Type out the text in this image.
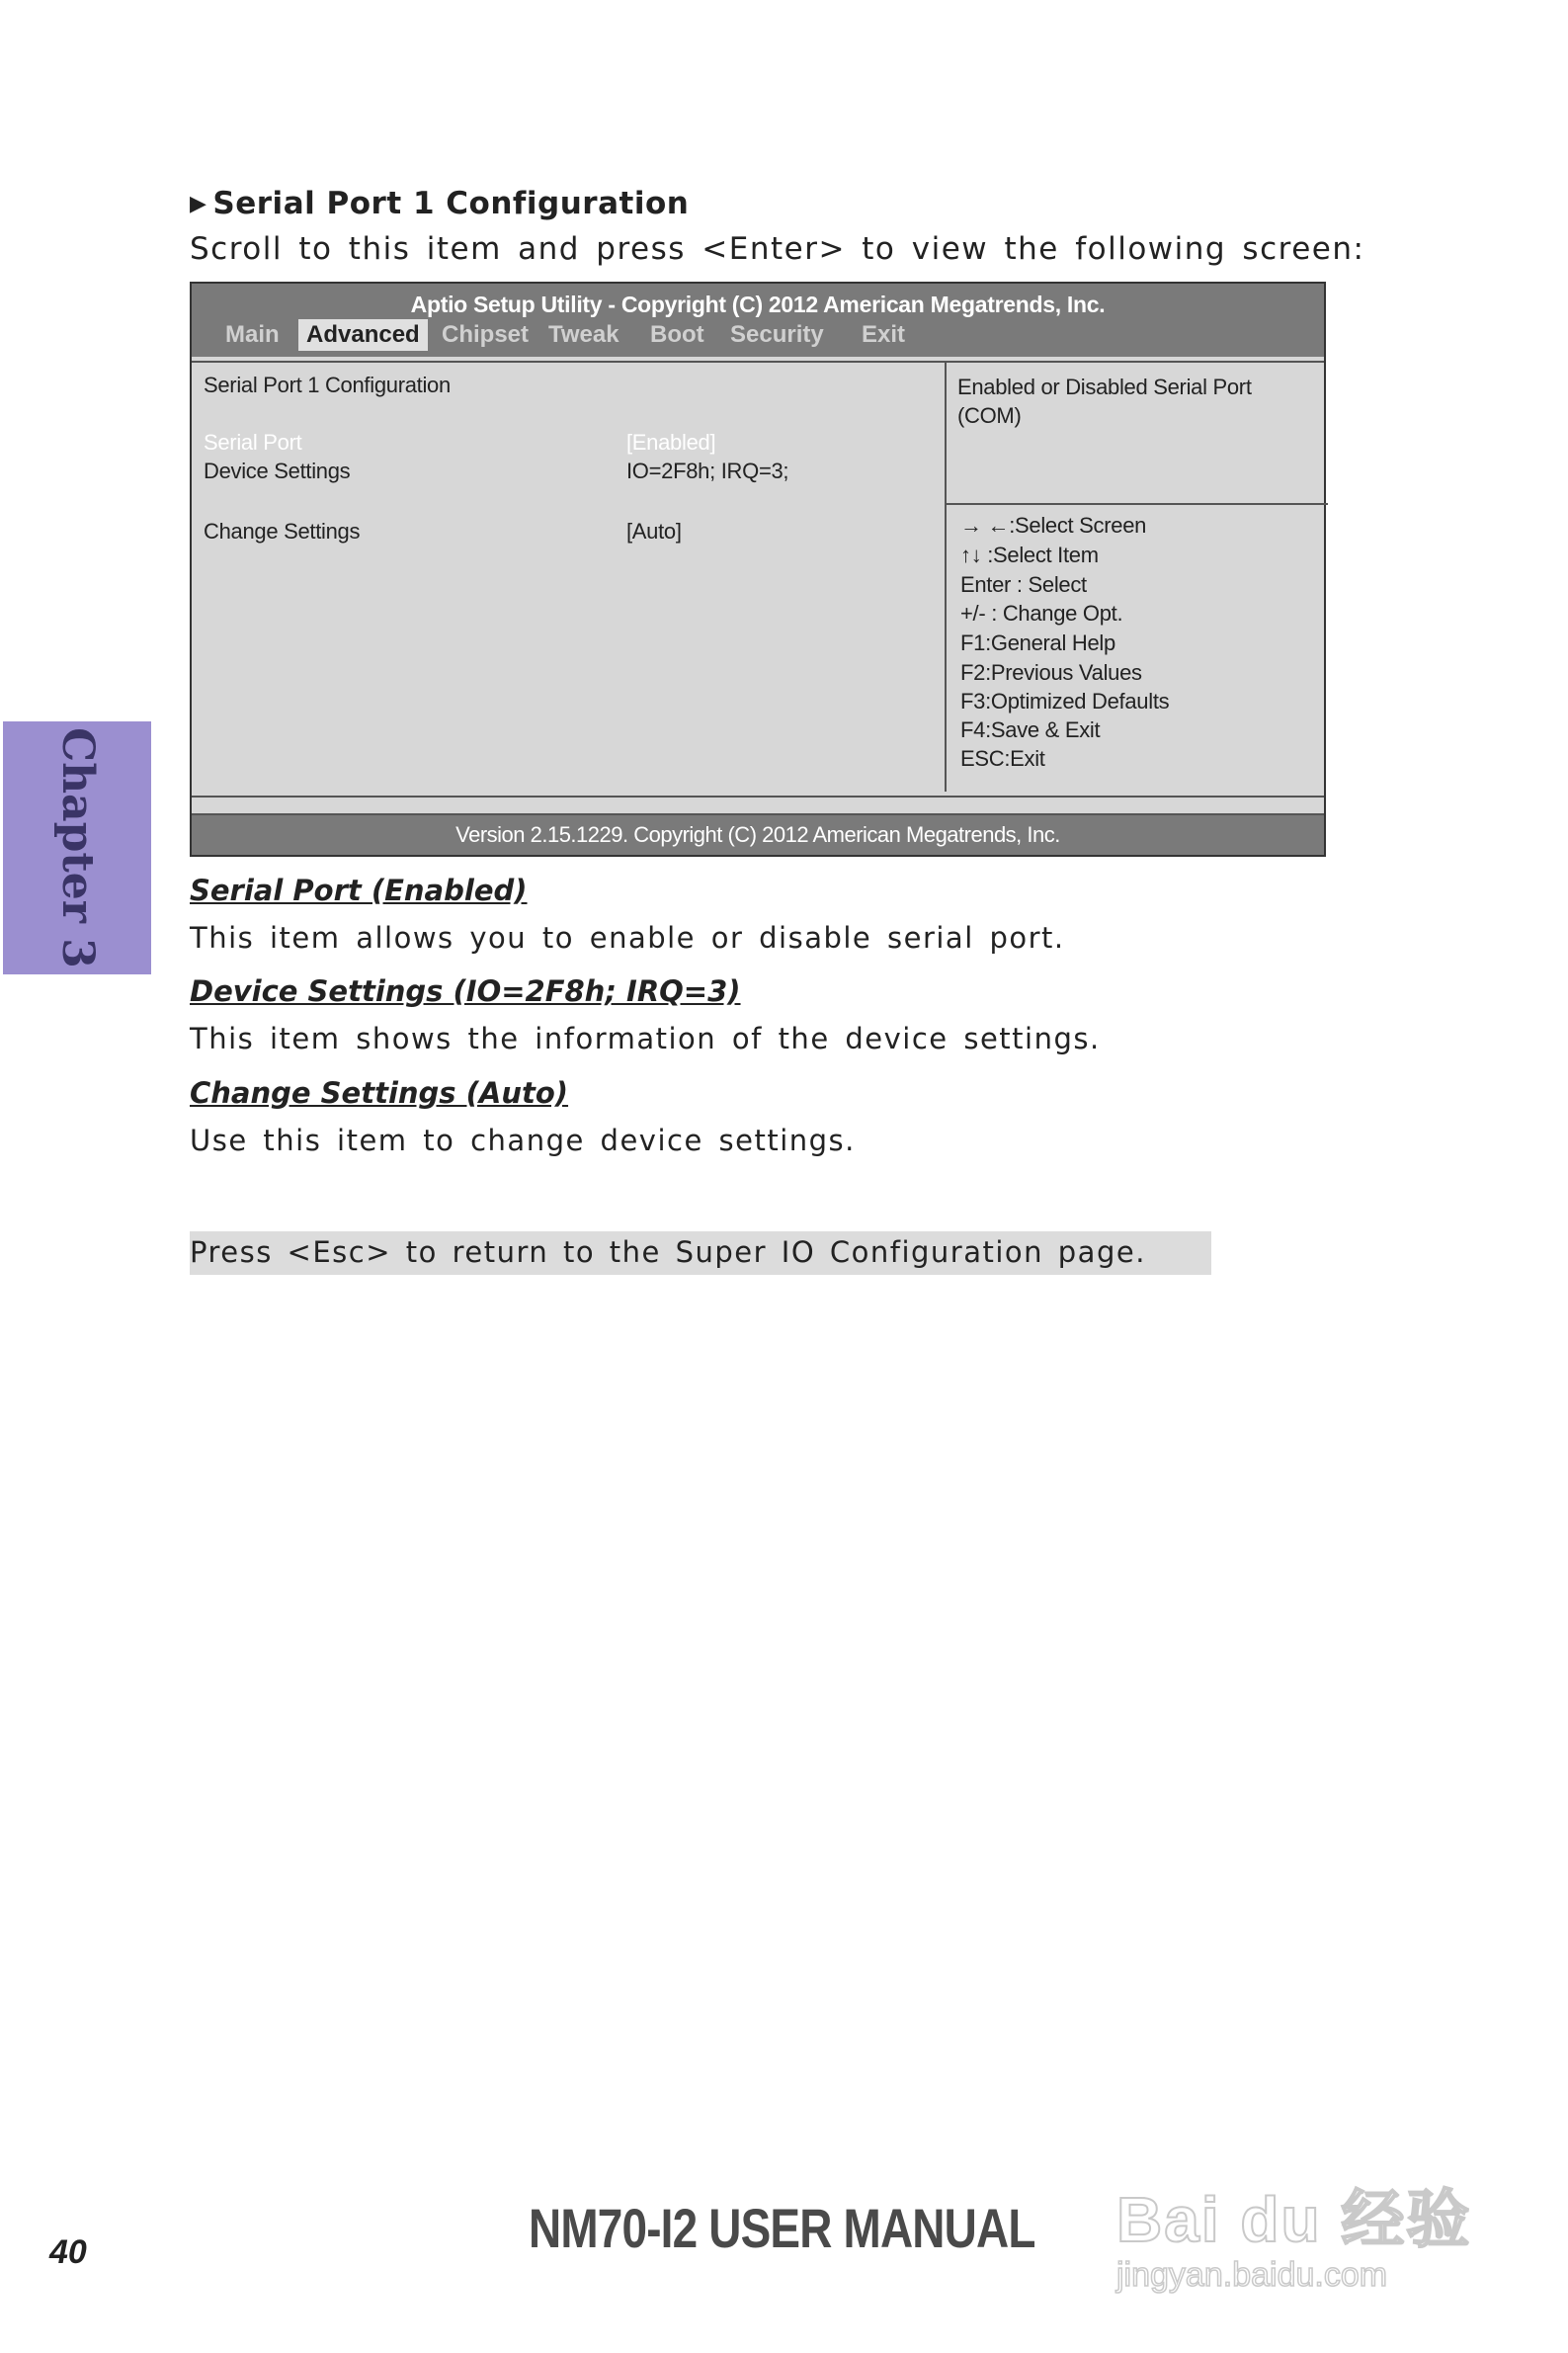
▶ Serial Port 1 Configuration
Scroll to this item and press <Enter> to view the following screen:
Aptio Setup Utility - Copyright (C) 2012 American Megatrends, Inc.
Main	Advanced Chipset Tweak	Boot	Security	Exit
Serial Port 1 Configuration
Serial Port	[Enabled]
Device Settings	IO=2F8h; IRQ=3;
Change Settings	[Auto]
Enabled or Disabled Serial Port
(COM)
→ ←:Select Screen
↑↓ :Select Item
Enter : Select
+/- : Change Opt.
F1:General Help
F2:Previous Values
F3:Optimized Defaults
F4:Save & Exit
ESC:Exit
Version 2.15.1229. Copyright (C) 2012 American Megatrends, Inc.
Serial Port (Enabled)
This item allows you to enable or disable serial port.
Device Settings (IO=2F8h; IRQ=3)
This item shows the information of the device settings.
Change Settings (Auto)
Use this item to change device settings.
Press <Esc> to return to the Super IO Configuration page.
Chapter 3
40	NM70-I2 USER MANUAL Bai du 经验
jingyan.baidu.com
